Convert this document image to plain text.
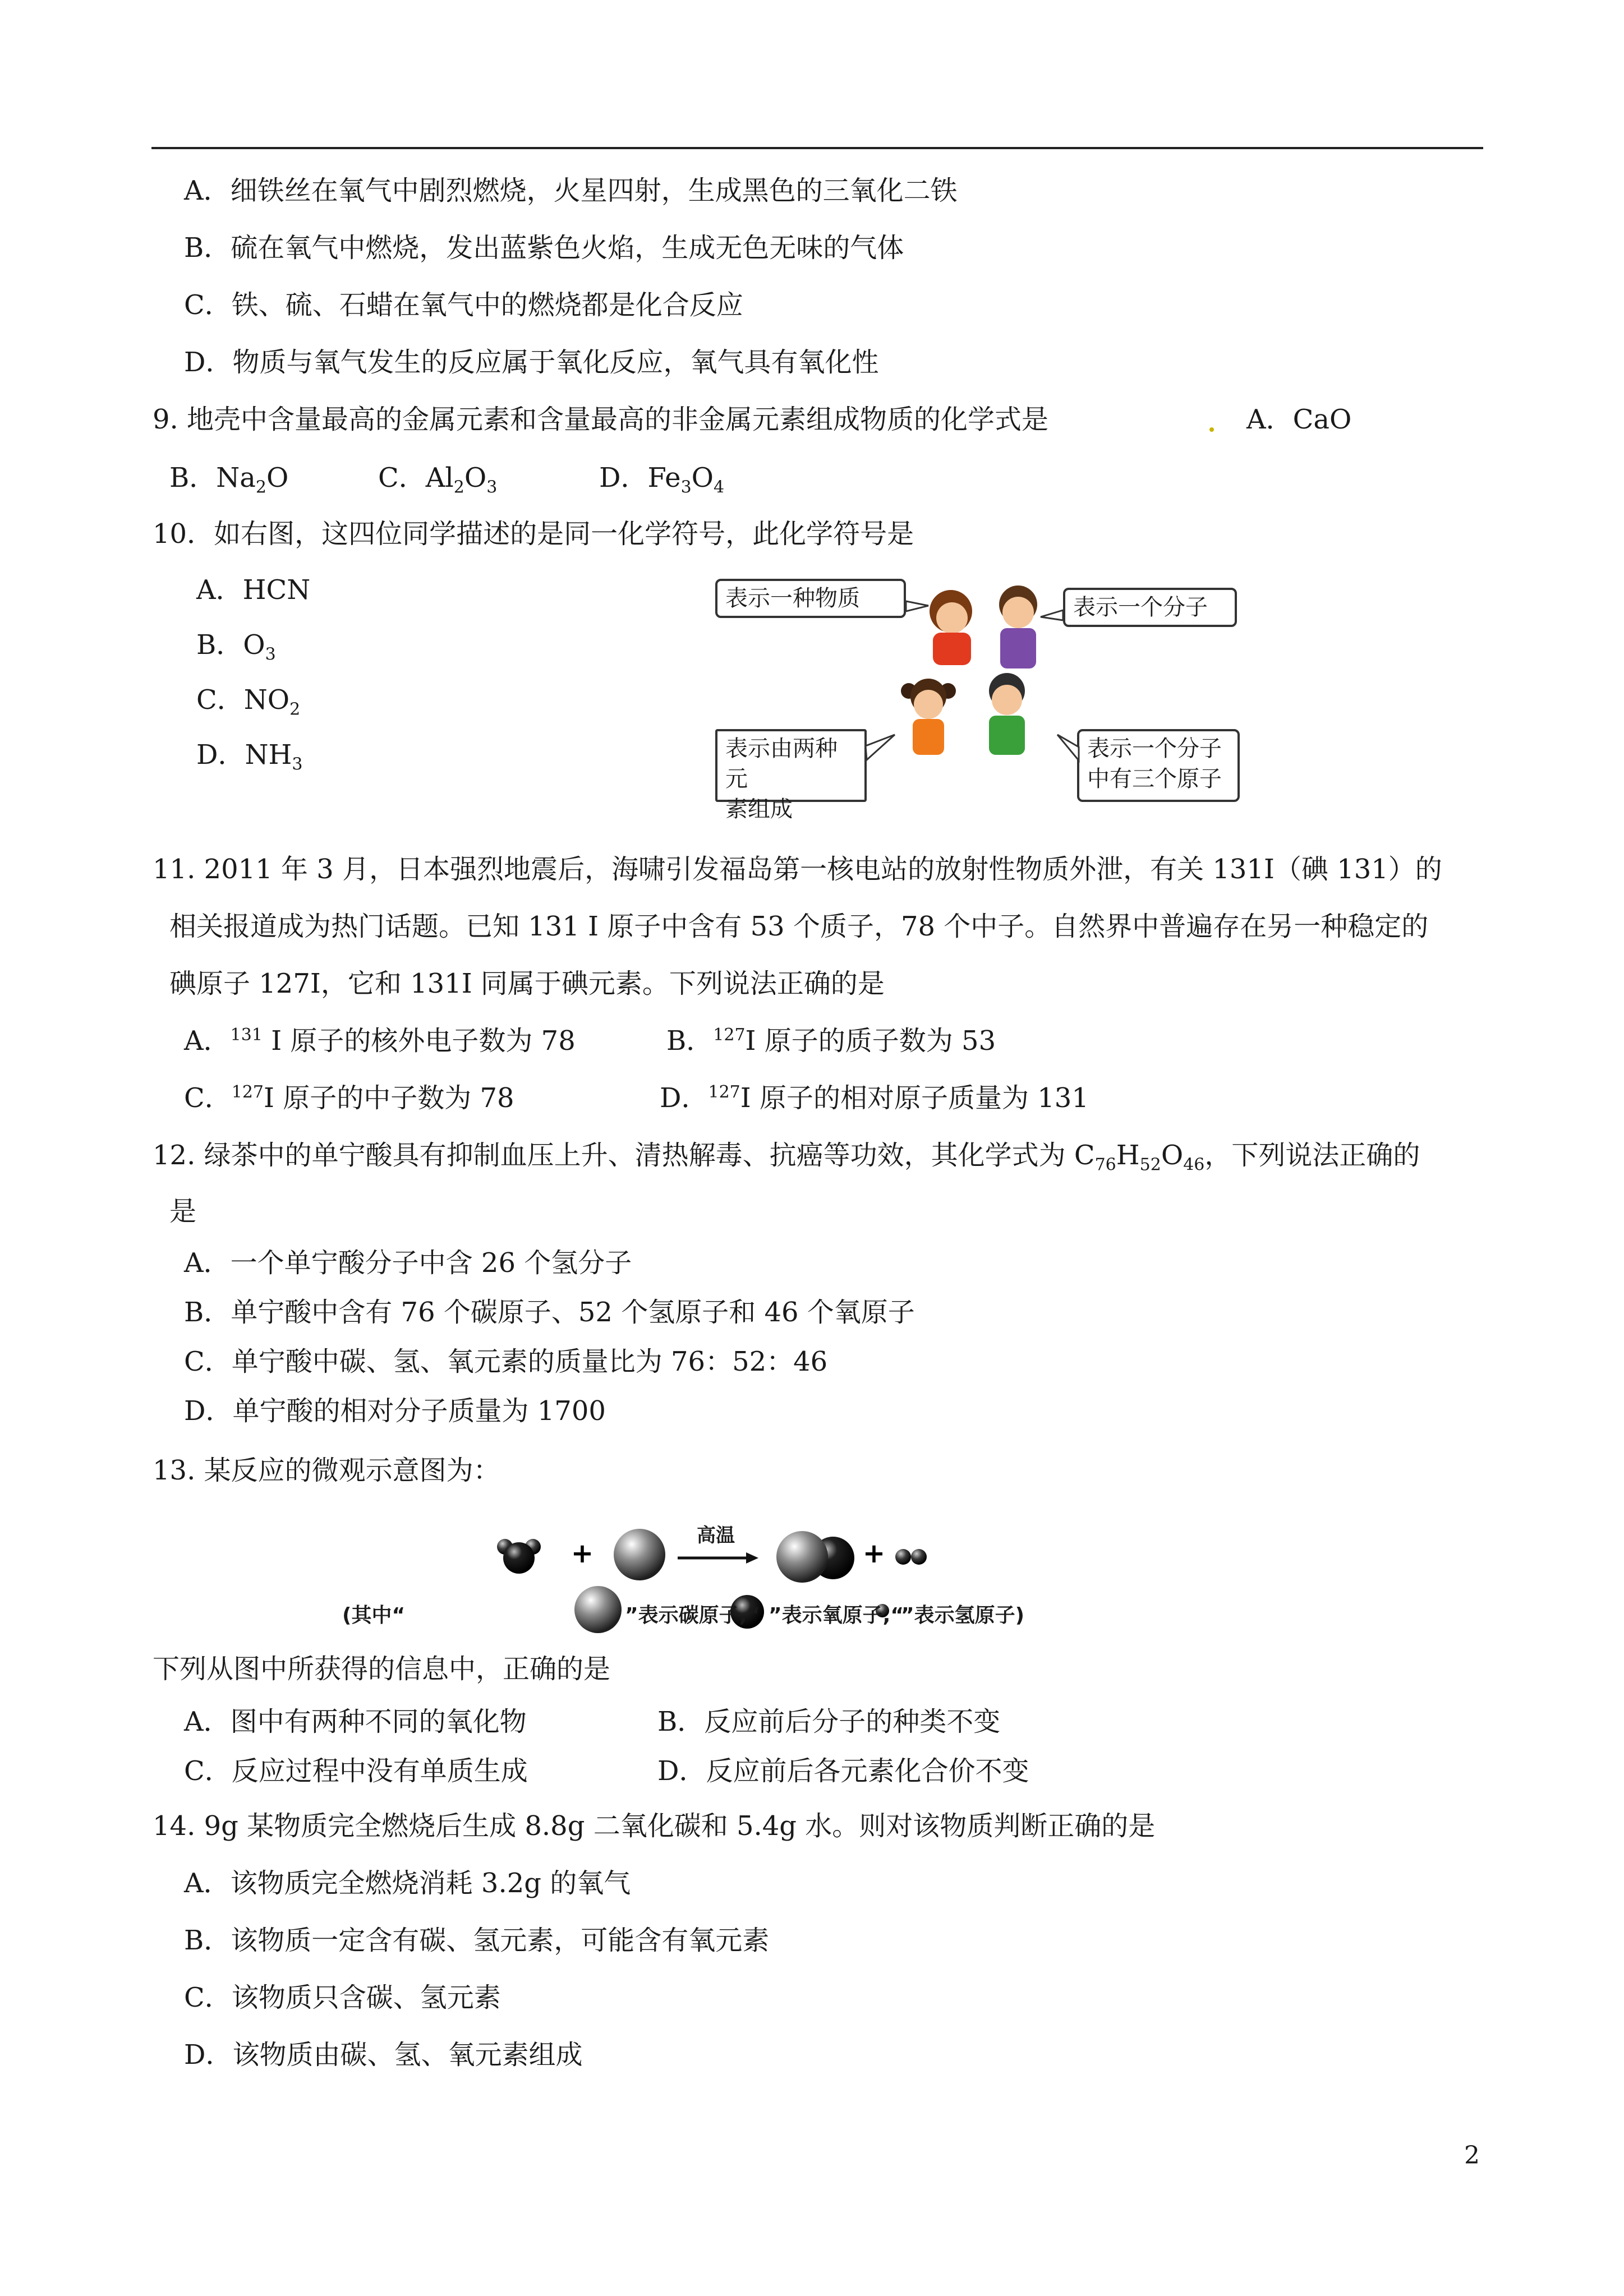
A．细铁丝在氧气中剧烈燃烧，火星四射，生成黑色的三氧化二铁
B．硫在氧气中燃烧，发出蓝紫色火焰，生成无色无味的气体
C．铁、硫、石蜡在氧气中的燃烧都是化合反应
D．物质与氧气发生的反应属于氧化反应，氧气具有氧化性
9. 地壳中含量最高的金属元素和含量最高的非金属元素组成物质的化学式是	A．CaO
B．$Na_2O$	C．$Al_2O_3$	D．$Fe_3O_4$
10．如右图，这四位同学描述的是同一化学符号，此化学符号是
A．HCN
B．$O_3$
C．$NO_2$
D．$NH_3$
表示一种物质	表示一个分子
表示由两种元
素组成
表示一个分子
中有三个原子
11. 2011 年 3 月，日本强烈地震后，海啸引发福岛第一核电站的放射性物质外泄，有关 131I（碘 131）的
相关报道成为热门话题。已知 131 I 原子中含有 53 个质子，78 个中子。自然界中普遍存在另一种稳定的
碘原子 127I，它和 131I 同属于碘元素。下列说法正确的是
A．$^{131}$ I 原子的核外电子数为 78	B．$^{127}$I 原子的质子数为 53
C．$^{127}$I 原子的中子数为 78	D．$^{127}$I 原子的相对原子质量为 131
12. 绿茶中的单宁酸具有抑制血压上升、清热解毒、抗癌等功效，其化学式为 $C_{76}H_{52}O_{46}$，下列说法正确的
是
A．一个单宁酸分子中含 26 个氢分子
B．单宁酸中含有 76 个碳原子、52 个氢原子和 46 个氧原子
C．单宁酸中碳、氢、氧元素的质量比为 76：52：46
D．单宁酸的相对分子质量为 1700
13. 某反应的微观示意图为：
+	+
高温
(其中“	”表示碳原子,“ ”表示氧原子,“
”表示氢原子)
下列从图中所获得的信息中，正确的是
A．图中有两种不同的氧化物	B．反应前后分子的种类不变
C．反应过程中没有单质生成	D．反应前后各元素化合价不变
14. 9g 某物质完全燃烧后生成 8.8g 二氧化碳和 5.4g 水。则对该物质判断正确的是
A．该物质完全燃烧消耗 3.2g 的氧气
B．该物质一定含有碳、氢元素，可能含有氧元素
C．该物质只含碳、氢元素
D．该物质由碳、氢、氧元素组成
2
